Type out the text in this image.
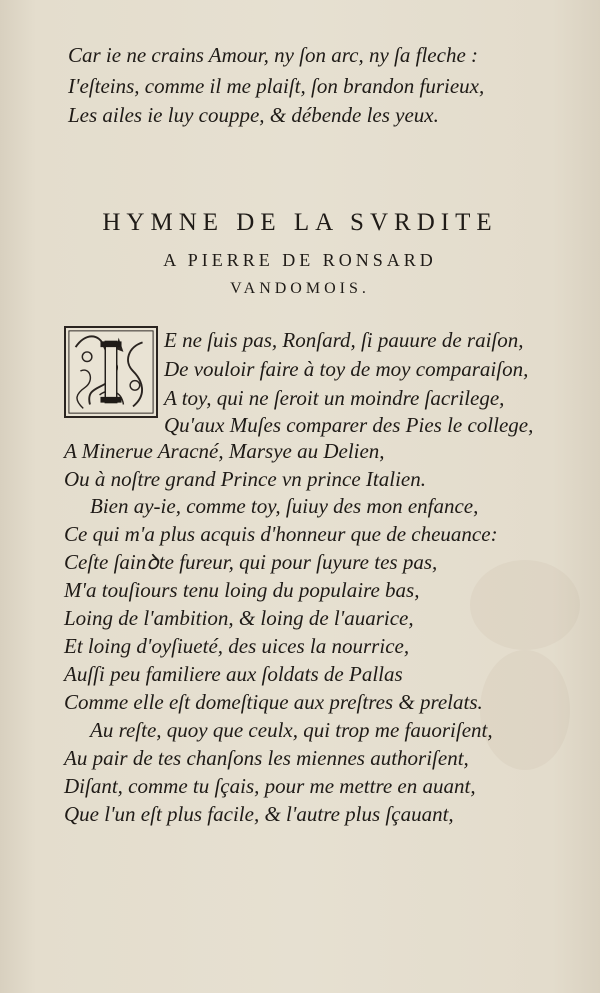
Car ie ne crains Amour, ny ſon arc, ny ſa fleche :
I'eſteins, comme il me plaiſt, ſon brandon furieux,
Les ailes ie luy couppe, & débende les yeux.
HYMNE DE LA SVRDITE
A PIERRE DE RONSARD
VANDOMOIS.
E ne ſuis pas, Ronſard, ſi pauure de raiſon,
De vouloir faire à toy de moy comparaiſon,
A toy, qui ne ſeroit un moindre ſacrilege,
Qu'aux Muſes comparer des Pies le college,
A Minerue Aracné, Marsye au Delien,
Ou à noſtre grand Prince vn prince Italien.
Bien ay-ie, comme toy, ſuiuy des mon enfance,
Ce qui m'a plus acquis d'honneur que de cheuance:
Ceſte ſainꝺte fureur, qui pour ſuyure tes pas,
M'a touſiours tenu loing du populaire bas,
Loing de l'ambition, & loing de l'auarice,
Et loing d'oyſiueté, des uices la nourrice,
Auſſi peu familiere aux ſoldats de Pallas
Comme elle eſt domeſtique aux preſtres & prelats.
Au reſte, quoy que ceulx, qui trop me fauoriſent,
Au pair de tes chanſons les miennes authoriſent,
Diſant, comme tu ſçais, pour me mettre en auant,
Que l'un eſt plus facile, & l'autre plus ſçauant,
